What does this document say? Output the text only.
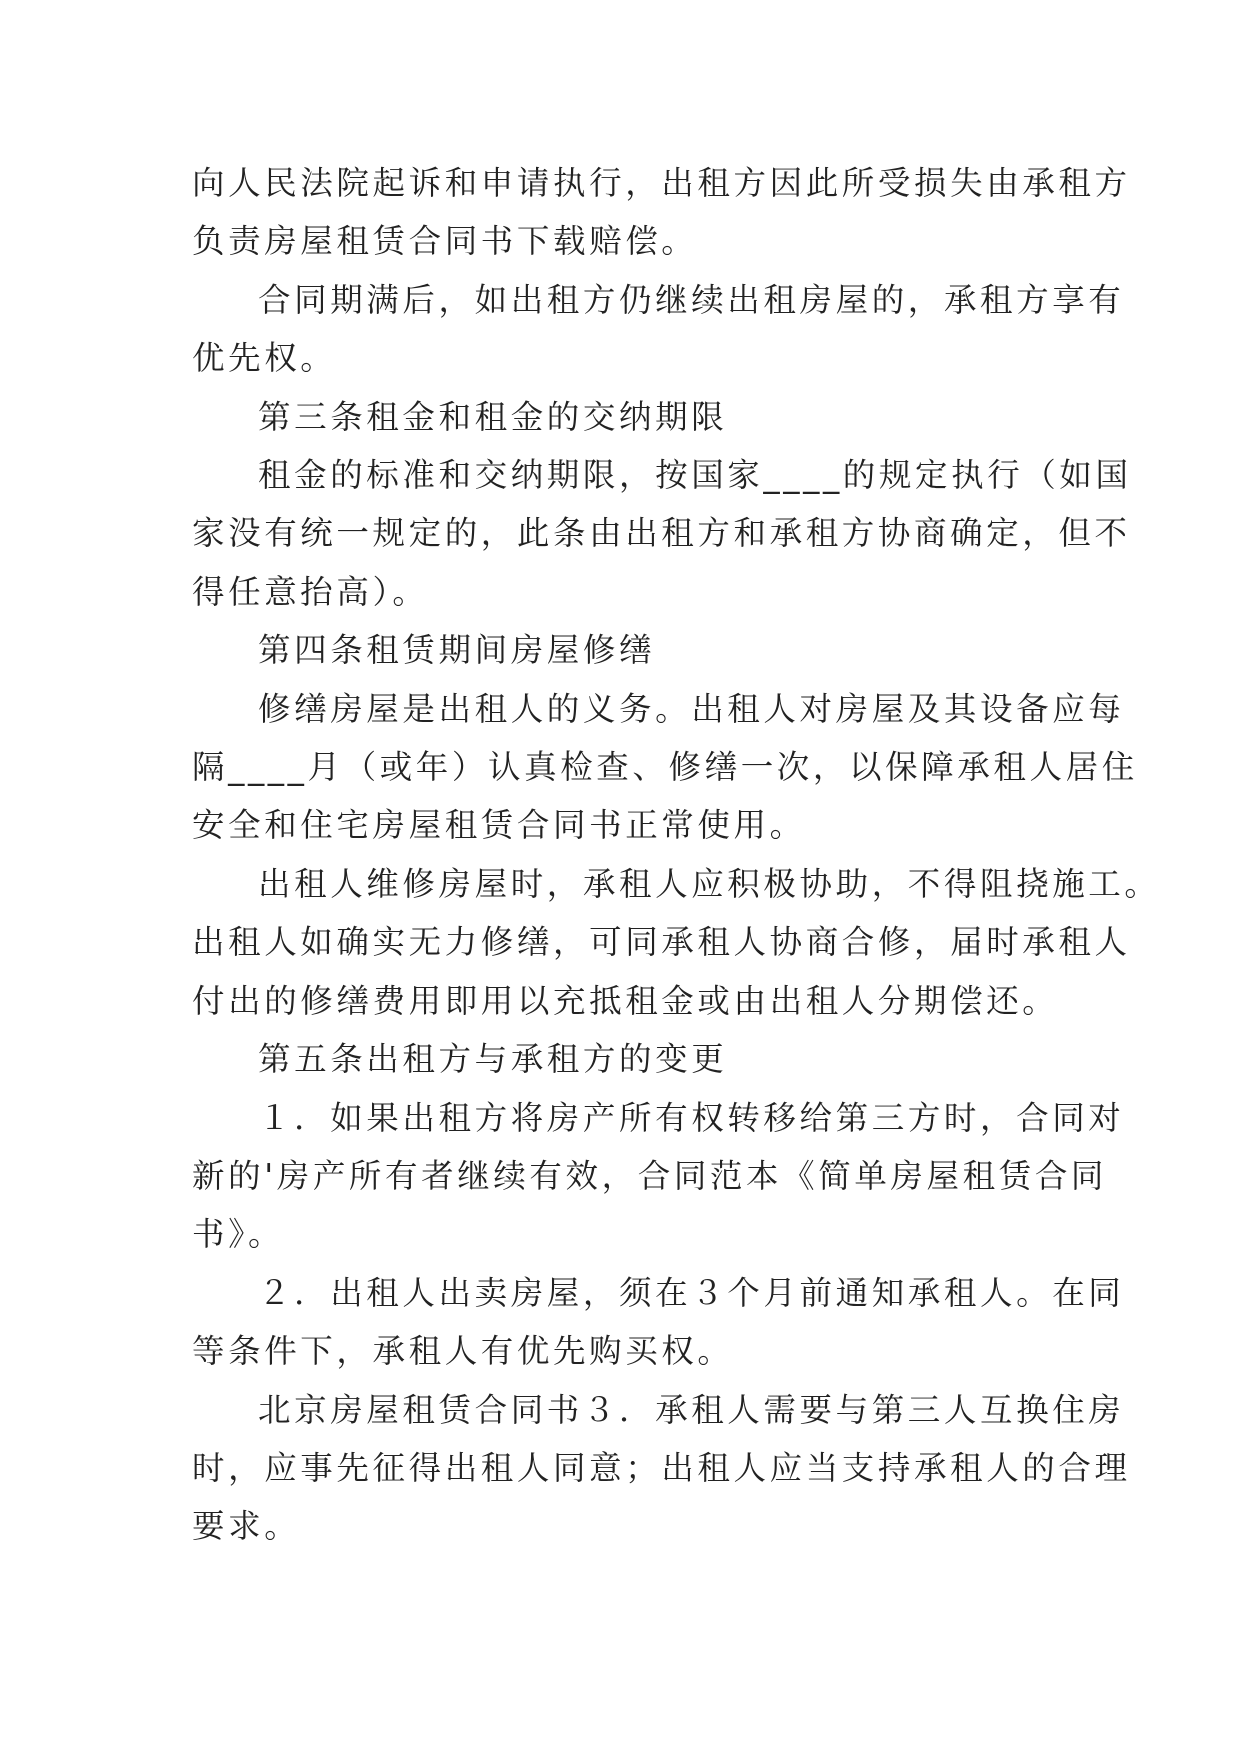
向人民法院起诉和申请执行，出租方因此所受损失由承租方

负责房屋租赁合同书下载赔偿。

合同期满后，如出租方仍继续出租房屋的，承租方享有

优先权。

第三条租金和租金的交纳期限

租金的标准和交纳期限，按国家____的规定执行（如国

家没有统一规定的，此条由出租方和承租方协商确定，但不

得任意抬高）。

第四条租赁期间房屋修缮

修缮房屋是出租人的义务。出租人对房屋及其设备应每

隔____月（或年）认真检查、修缮一次，以保障承租人居住

安全和住宅房屋租赁合同书正常使用。

出租人维修房屋时，承租人应积极协助，不得阻挠施工。

出租人如确实无力修缮，可同承租人协商合修，届时承租人

付出的修缮费用即用以充抵租金或由出租人分期偿还。

第五条出租方与承租方的变更

１．如果出租方将房产所有权转移给第三方时，合同对

新的'房产所有者继续有效，合同范本《简单房屋租赁合同

书》。

２．出租人出卖房屋，须在３个月前通知承租人。在同

等条件下，承租人有优先购买权。

北京房屋租赁合同书３．承租人需要与第三人互换住房

时，应事先征得出租人同意；出租人应当支持承租人的合理

要求。
